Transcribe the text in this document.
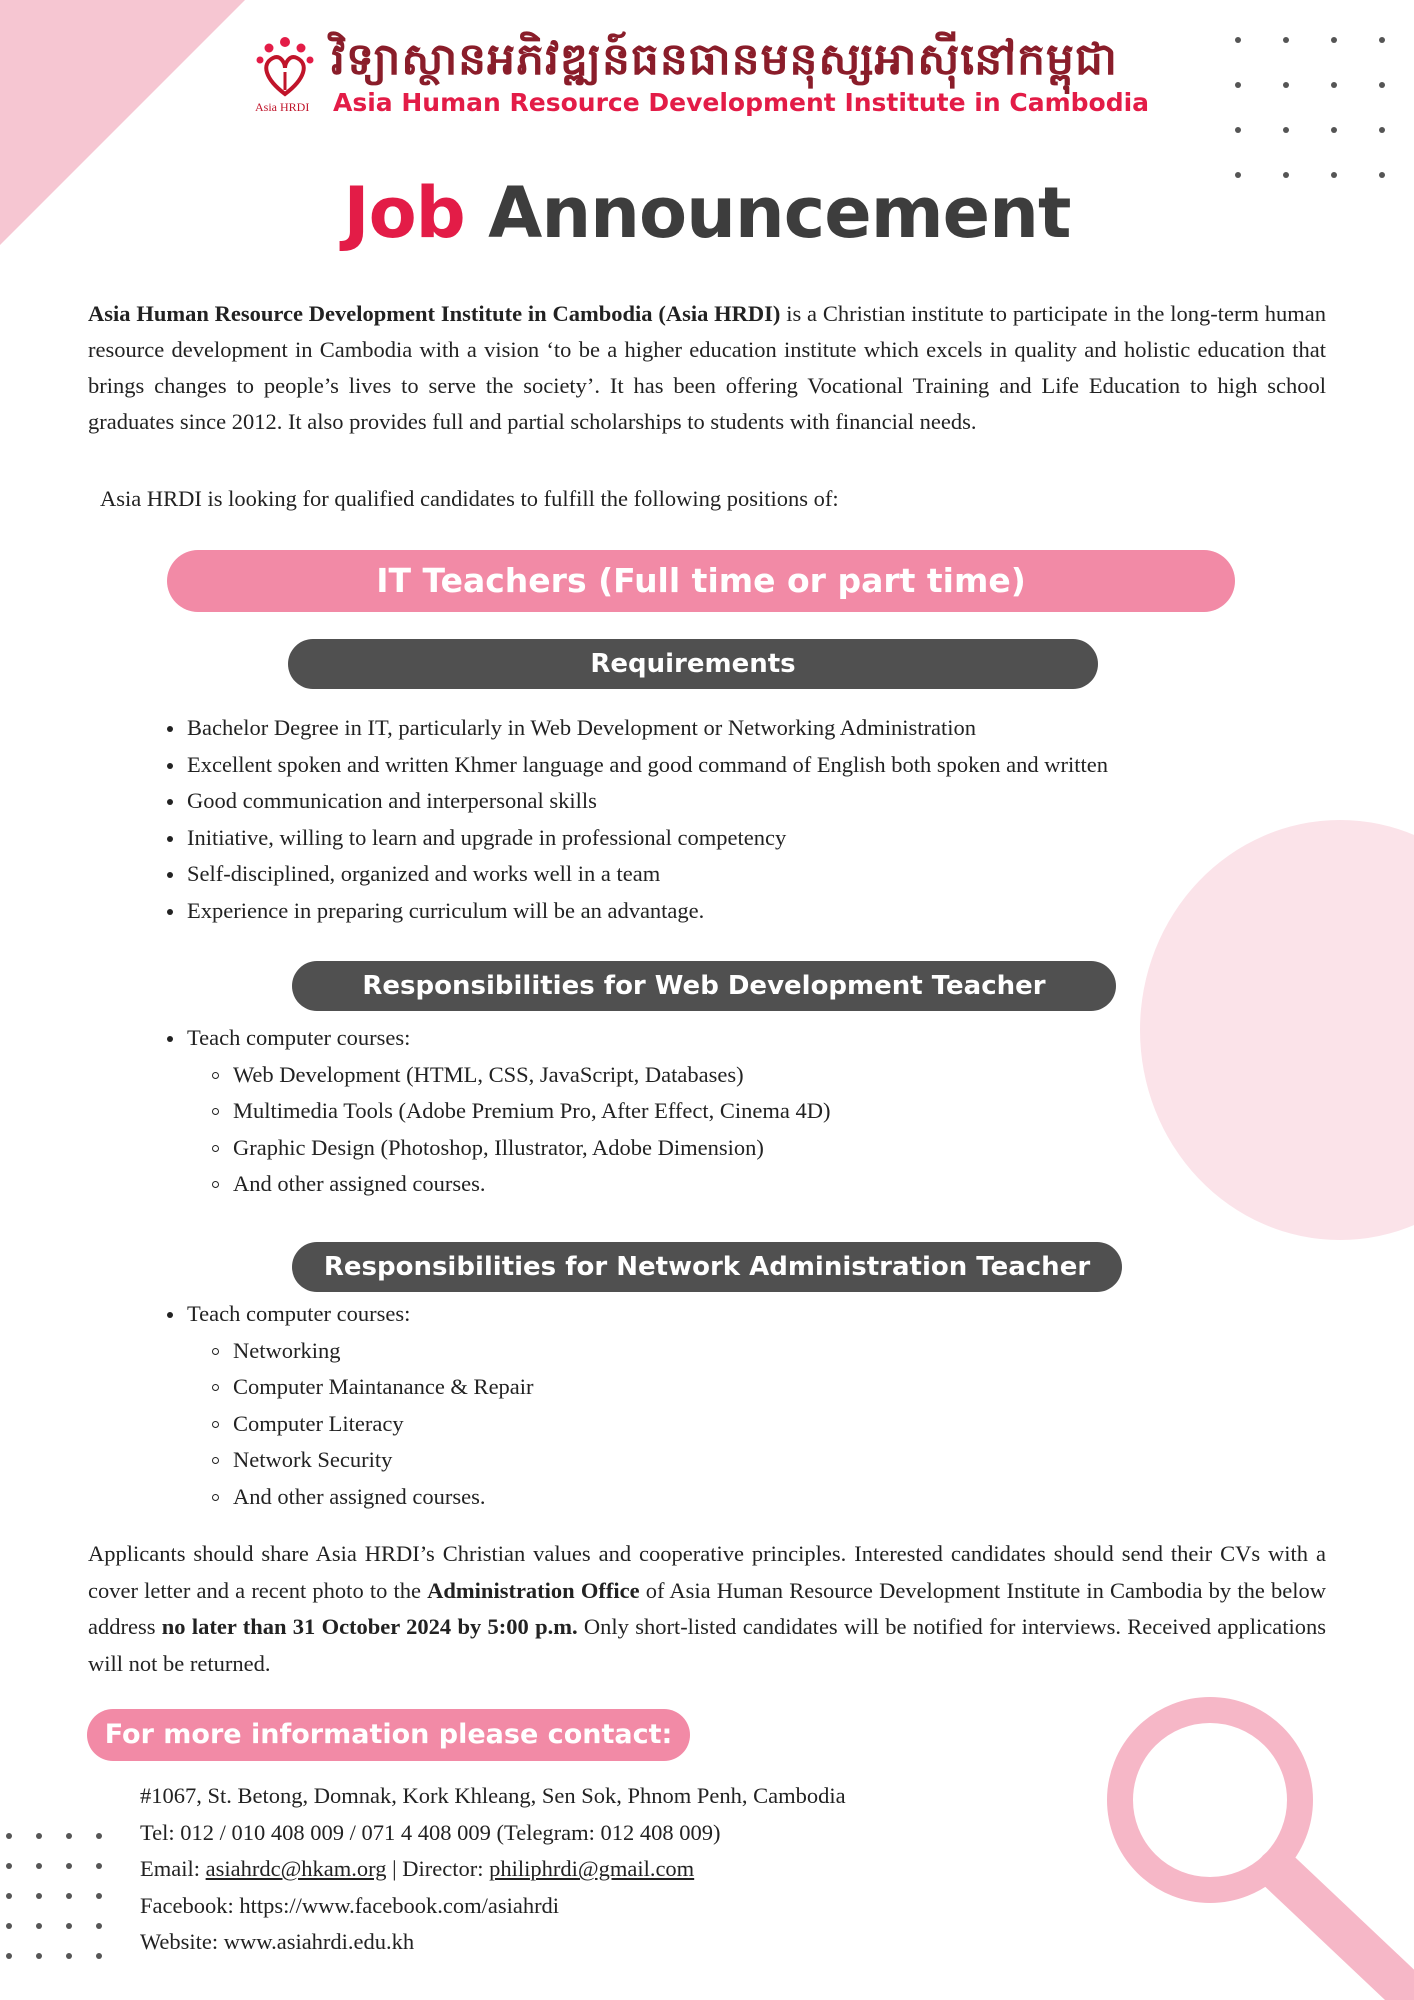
Asia HRDI
វិទ្យាស្ថានអភិវឌ្ឍន៍ធនធានមនុស្សអាស៊ីនៅកម្ពុជា
Asia Human Resource Development Institute in Cambodia
Job Announcement
Asia Human Resource Development Institute in Cambodia (Asia HRDI) is a Christian institute to participate in the long-term human resource development in Cambodia with a vision ‘to be a higher education institute which excels in quality and holistic education that brings changes to people’s lives to serve the society’. It has been offering Vocational Training and Life Education to high school graduates since 2012. It also provides full and partial scholarships to students with financial needs.
Asia HRDI is looking for qualified candidates to fulfill the following positions of:
IT Teachers (Full time or part time)
Requirements
Bachelor Degree in IT, particularly in Web Development or Networking Administration
Excellent spoken and written Khmer language and good command of English both spoken and written
Good communication and interpersonal skills
Initiative, willing to learn and upgrade in professional competency
Self-disciplined, organized and works well in a team
Experience in preparing curriculum will be an advantage.
Responsibilities for Web Development Teacher
Teach computer courses:
Web Development (HTML, CSS, JavaScript, Databases)
Multimedia Tools (Adobe Premium Pro, After Effect, Cinema 4D)
Graphic Design (Photoshop, Illustrator, Adobe Dimension)
And other assigned courses.
Responsibilities for Network Administration Teacher
Teach computer courses:
Networking
Computer Maintanance & Repair
Computer Literacy
Network Security
And other assigned courses.
Applicants should share Asia HRDI’s Christian values and cooperative principles. Interested candidates should send their CVs with a cover letter and a recent photo to the Administration Office of Asia Human Resource Development Institute in Cambodia by the below address no later than 31 October 2024 by 5:00 p.m. Only short-listed candidates will be notified for interviews. Received applications will not be returned.
For more information please contact:
#1067, St. Betong, Domnak, Kork Khleang, Sen Sok, Phnom Penh, Cambodia
Tel: 012 / 010 408 009 / 071 4 408 009 (Telegram: 012 408 009)
Email: asiahrdc@hkam.org | Director: philiphrdi@gmail.com
Facebook: https://www.facebook.com/asiahrdi
Website: www.asiahrdi.edu.kh
